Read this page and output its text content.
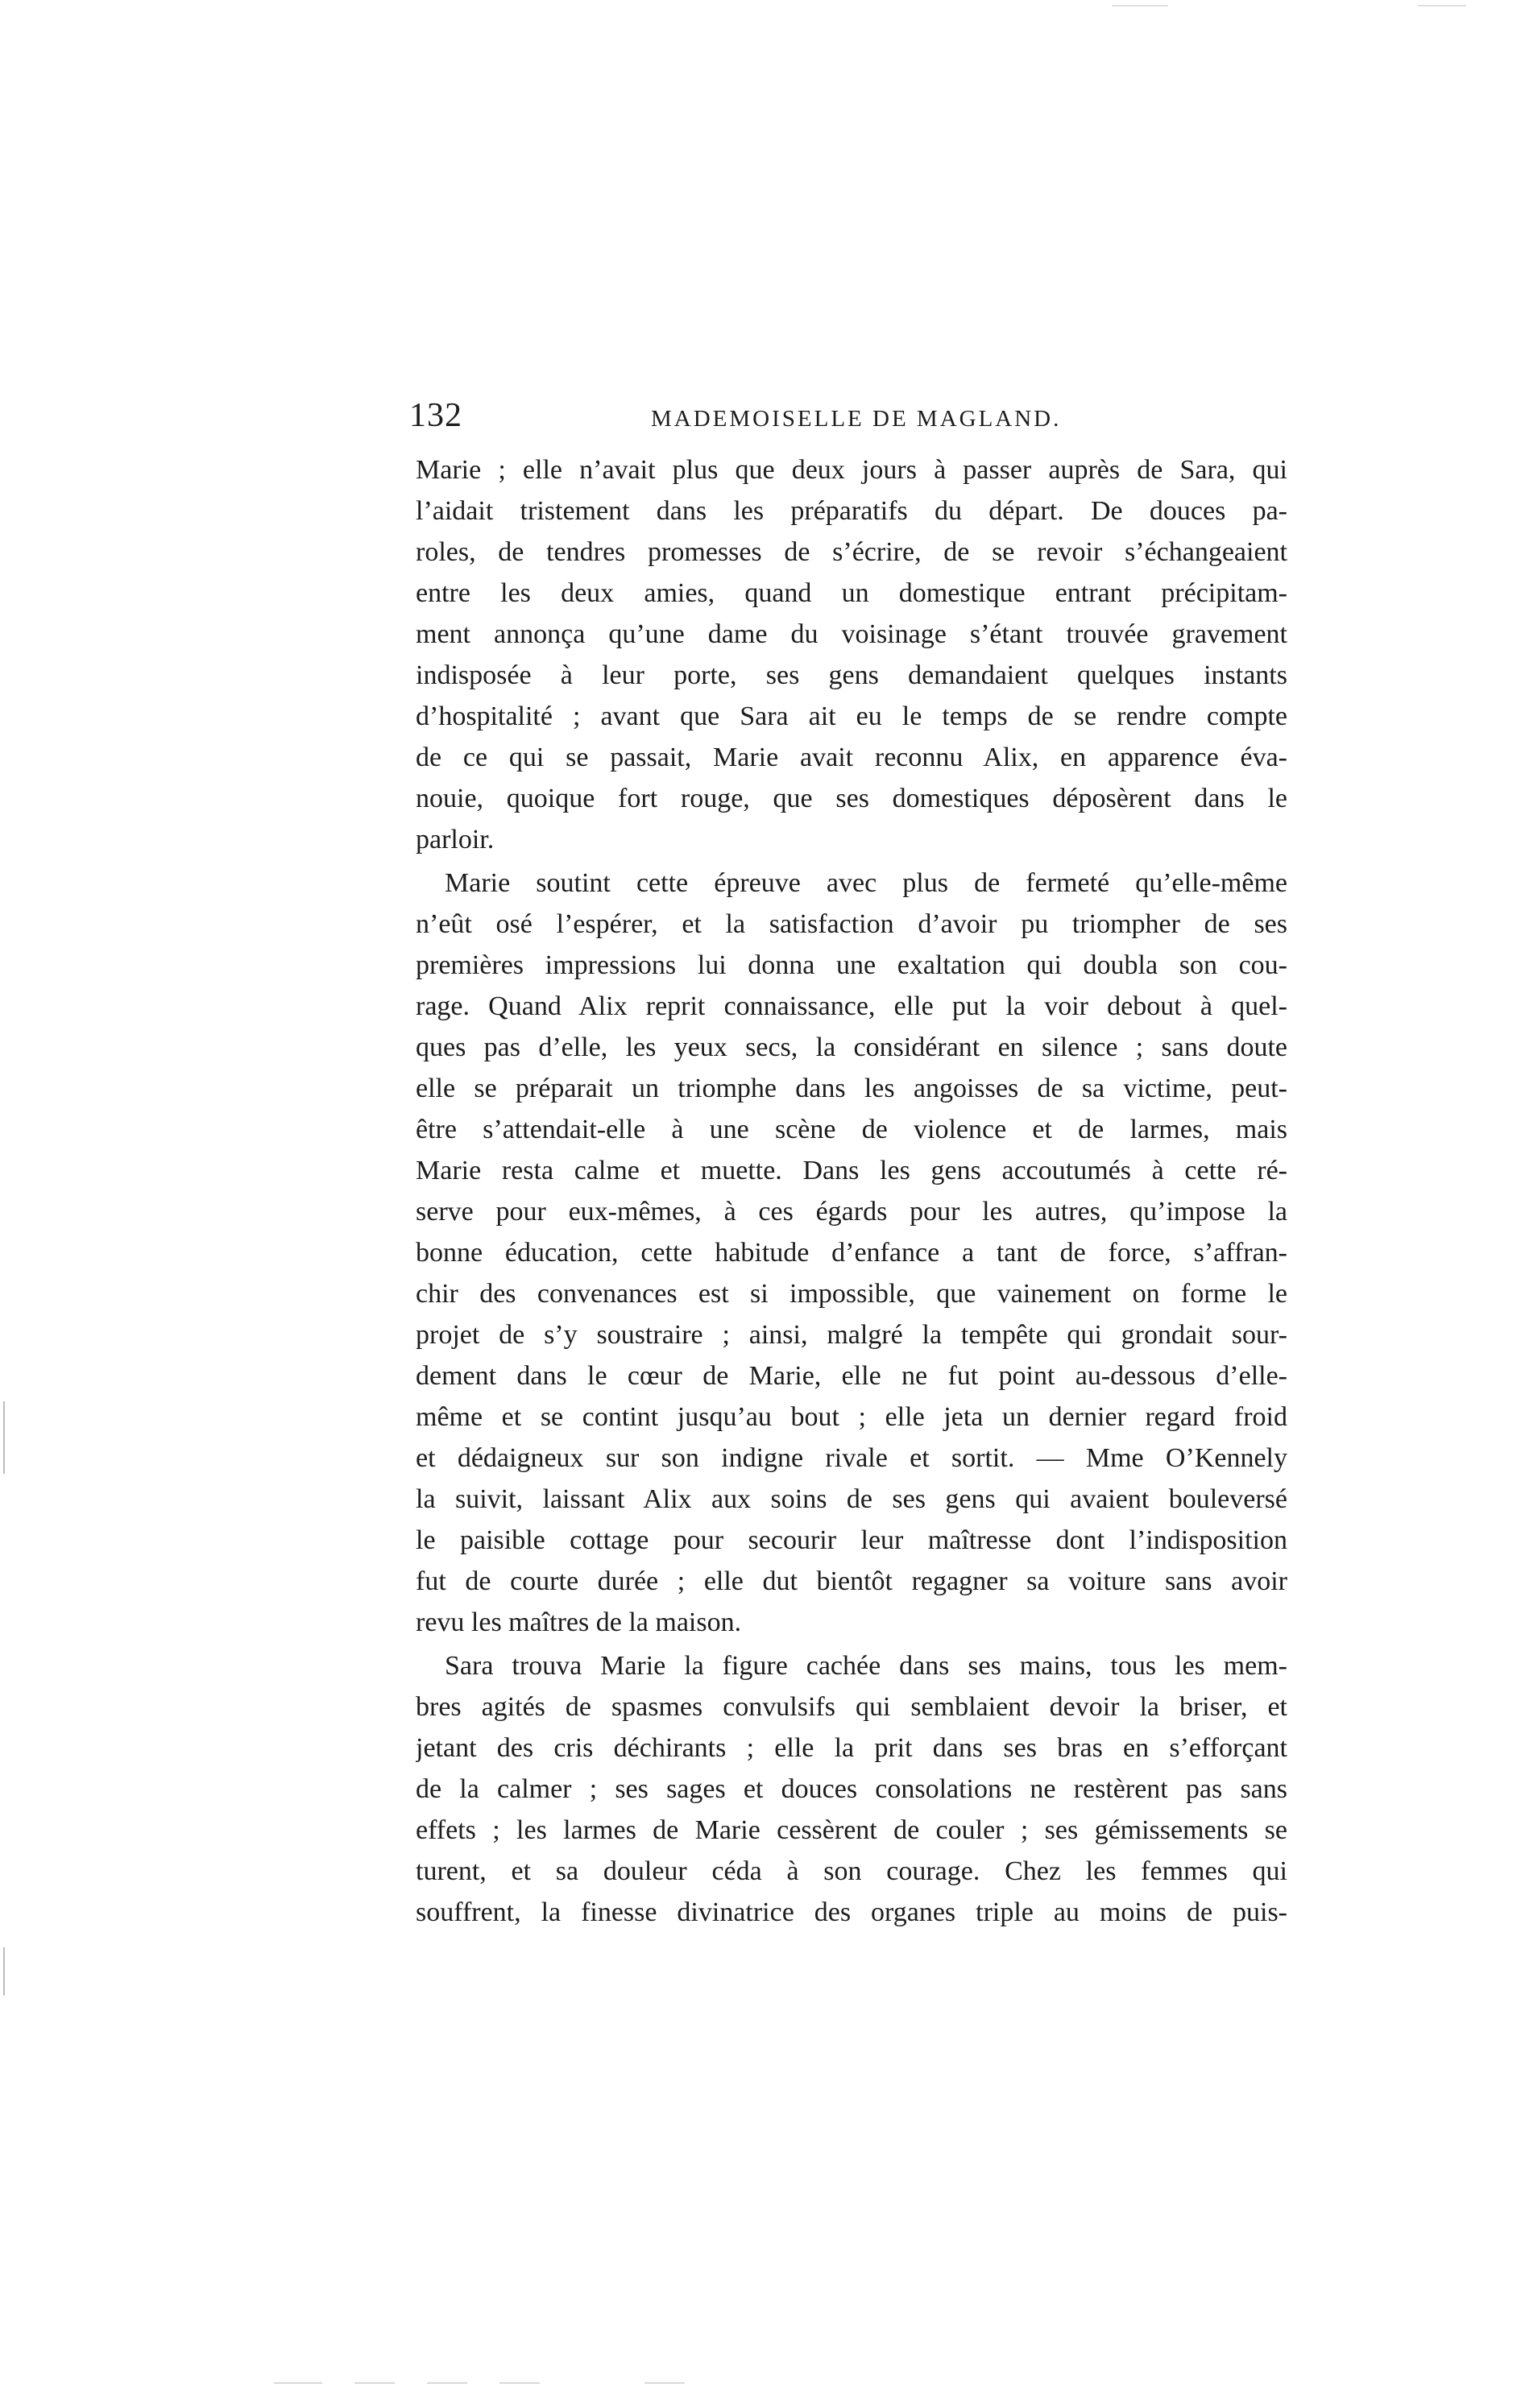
132	MADEMOISELLE DE MAGLAND.
Marie ; elle n’avait plus que deux jours à passer auprès de Sara, qui
l’aidait tristement dans les préparatifs du départ. De douces pa-
roles, de tendres promesses de s’écrire, de se revoir s’échangeaient
entre les deux amies, quand un domestique entrant précipitam-
ment annonça qu’une dame du voisinage s’étant trouvée gravement
indisposée à leur porte, ses gens demandaient quelques instants
d’hospitalité ; avant que Sara ait eu le temps de se rendre compte
de ce qui se passait, Marie avait reconnu Alix, en apparence éva-
nouie, quoique fort rouge, que ses domestiques déposèrent dans le
parloir.
Marie soutint cette épreuve avec plus de fermeté qu’elle-même
n’eût osé l’espérer, et la satisfaction d’avoir pu triompher de ses
premières impressions lui donna une exaltation qui doubla son cou-
rage. Quand Alix reprit connaissance, elle put la voir debout à quel-
ques pas d’elle, les yeux secs, la considérant en silence ; sans doute
elle se préparait un triomphe dans les angoisses de sa victime, peut-
être s’attendait-elle à une scène de violence et de larmes, mais
Marie resta calme et muette. Dans les gens accoutumés à cette ré-
serve pour eux-mêmes, à ces égards pour les autres, qu’impose la
bonne éducation, cette habitude d’enfance a tant de force, s’affran-
chir des convenances est si impossible, que vainement on forme le
projet de s’y soustraire ; ainsi, malgré la tempête qui grondait sour-
dement dans le cœur de Marie, elle ne fut point au-dessous d’elle-
même et se contint jusqu’au bout ; elle jeta un dernier regard froid
et dédaigneux sur son indigne rivale et sortit. — Mme O’Kennely
la suivit, laissant Alix aux soins de ses gens qui avaient bouleversé
le paisible cottage pour secourir leur maîtresse dont l’indisposition
fut de courte durée ; elle dut bientôt regagner sa voiture sans avoir
revu les maîtres de la maison.
Sara trouva Marie la figure cachée dans ses mains, tous les mem-
bres agités de spasmes convulsifs qui semblaient devoir la briser, et
jetant des cris déchirants ; elle la prit dans ses bras en s’efforçant
de la calmer ; ses sages et douces consolations ne restèrent pas sans
effets ; les larmes de Marie cessèrent de couler ; ses gémissements se
turent, et sa douleur céda à son courage. Chez les femmes qui
souffrent, la finesse divinatrice des organes triple au moins de puis-
